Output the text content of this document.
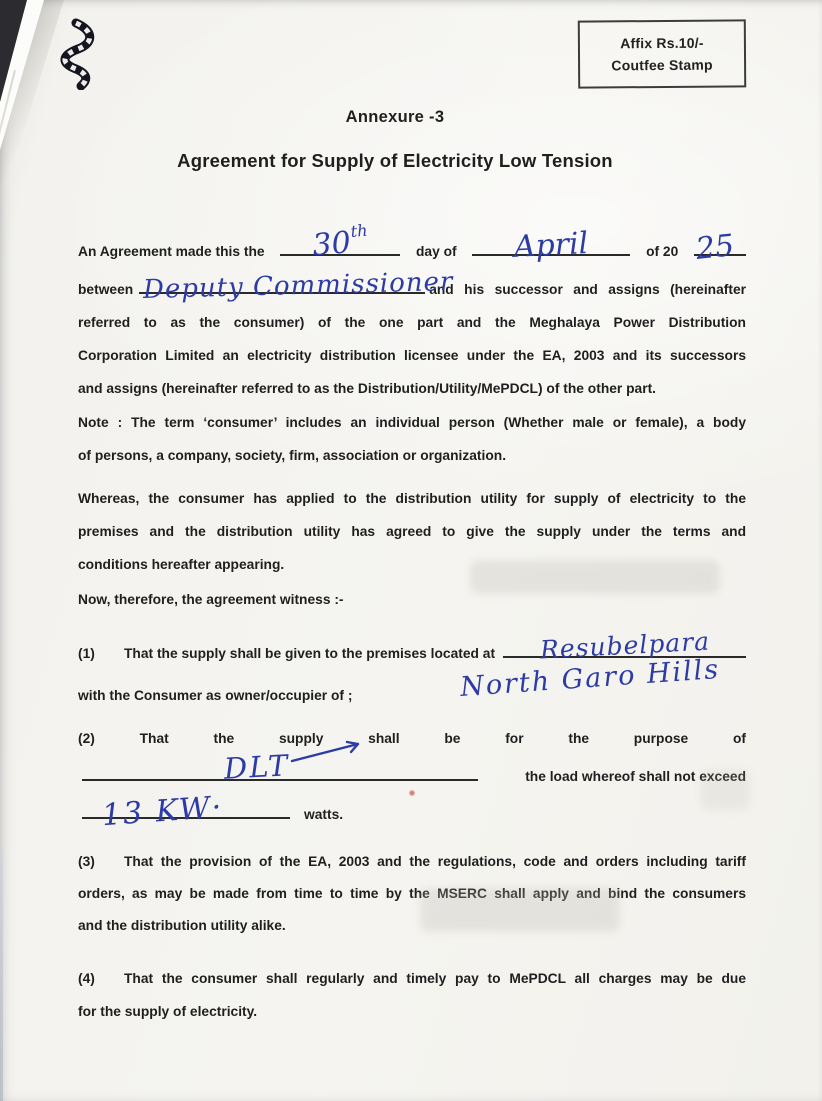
Affix Rs.10/-
Coutfee Stamp
Annexure -3
Agreement for Supply of Electricity Low Tension
An Agreement made this the 30th
day of April	of 20 25
between Deputy Commissioner
and his successor and assigns (hereinafter
referred to as the consumer) of the one part and the Meghalaya Power Distribution
Corporation Limited an electricity distribution licensee under the EA, 2003 and its successors
and assigns (hereinafter referred to as the Distribution/Utility/MePDCL) of the other part.
Note : The term ‘consumer’ includes an individual person (Whether male or female), a body
of persons, a company, society, firm, association or organization.
Whereas, the consumer has applied to the distribution utility for supply of electricity to the
premises and the distribution utility has agreed to give the supply under the terms and
conditions hereafter appearing.
Now, therefore, the agreement witness :-
(1)	That the supply shall be given to the premises located at Resubelpara
with the Consumer as owner/occupier of ;	North Garo Hills
(2) That the supply shall be for the purpose of
DLT	the load whereof shall not exceed
13 KW·	watts.
(3) That the provision of the EA, 2003 and the regulations, code and orders including tariff
orders, as may be made from time to time by the MSERC shall apply and bind the consumers
and the distribution utility alike.
(4) That the consumer shall regularly and timely pay to MePDCL all charges may be due
for the supply of electricity.
